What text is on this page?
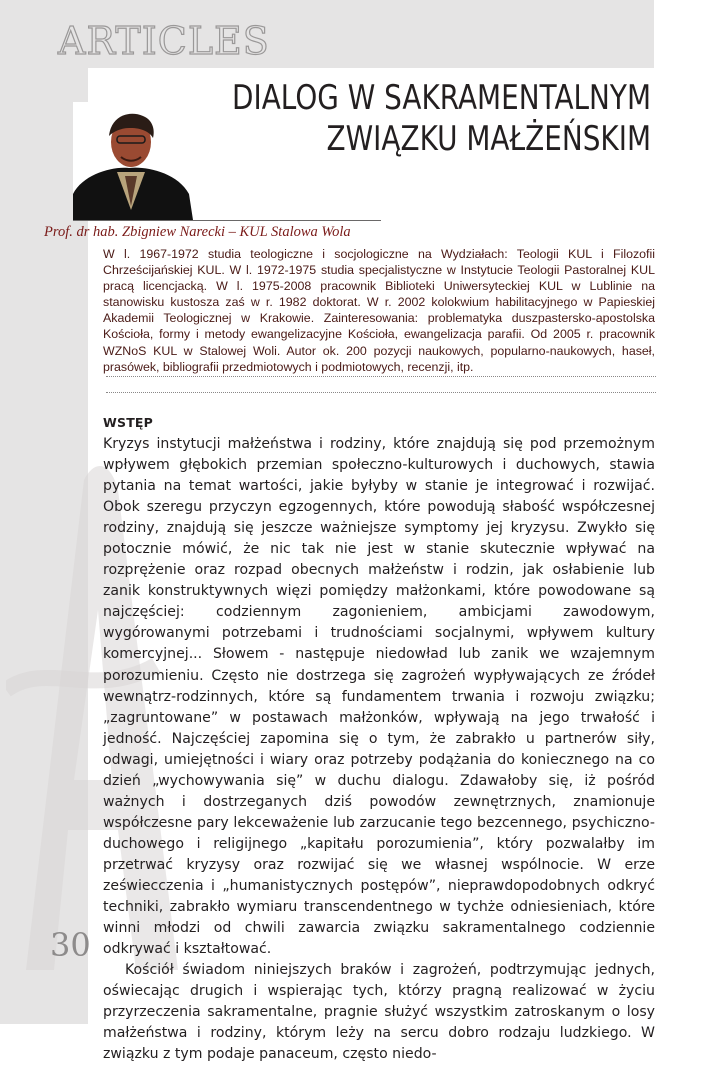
ARTICLES
DIALOG W SAKRAMENTALNYM
ZWIĄZKU MAŁŻEŃSKIM
Prof. dr hab. Zbigniew Narecki – KUL Stalowa Wola

W l. 1967-1972 studia teologiczne i socjologiczne na Wydziałach: Teologii KUL i Filozofii Chrześcijańskiej KUL. W l. 1972-1975 studia specjalistyczne w Instytucie Teologii Pastoralnej KUL pracą licencjacką. W l. 1975-2008 pracownik Biblioteki Uniwersyteckiej KUL w Lublinie na stanowisku kustosza zaś w r. 1982 doktorat. W r. 2002 kolokwium habilitacyjnego w Papieskiej Akademii Teologicznej w Krakowie. Zainteresowania: problematyka duszpastersko-apostolska Kościoła, formy i metody ewangelizacyjne Kościoła, ewangelizacja parafii. Od 2005 r. pracownik WZNoS KUL w Stalowej Woli. Autor ok. 200 pozycji naukowych, popularno-naukowych, haseł, prasówek, bibliografii przedmiotowych i podmiotowych, recenzji, itp.

WSTĘP

Kryzys instytucji małżeństwa i rodziny, które znajdują się pod przemożnym wpływem głębokich przemian społeczno-kulturowych i duchowych, stawia pytania na temat wartości, jakie byłyby w stanie je integrować i rozwijać. Obok szeregu przyczyn egzogennych, które powodują słabość współczesnej rodziny, znajdują się jeszcze ważniejsze symptomy jej kryzysu. Zwykło się potocznie mówić, że nic tak nie jest w stanie skutecznie wpływać na rozprężenie oraz rozpad obecnych małżeństw i rodzin, jak osłabienie lub zanik konstruktywnych więzi pomiędzy małżonkami, które powodowane są najczęściej: codziennym zagonieniem, ambicjami zawodowym, wygórowanymi potrzebami i trudnościami socjalnymi, wpływem kultury komercyjnej... Słowem - następuje niedowład lub zanik we wzajemnym porozumieniu. Często nie dostrzega się zagrożeń wypływających ze źródeł wewnątrz-rodzinnych, które są fundamentem trwania i rozwoju związku; „zagruntowane” w postawach małżonków, wpływają na jego trwałość i jedność. Najczęściej zapomina się o tym, że zabrakło u partnerów siły, odwagi, umiejętności i wiary oraz potrzeby podążania do koniecznego na co dzień „wychowywania się” w duchu dialogu. Zdawałoby się, iż pośród ważnych i dostrzeganych dziś powodów zewnętrznych, znamionuje współczesne pary lekceważenie lub zarzucanie tego bezcennego, psychiczno-duchowego i religijnego „kapitału porozumienia”, który pozwalałby im przetrwać kryzysy oraz rozwijać się we własnej wspólnocie. W erze zeświecczenia i „humanistycznych postępów”, nieprawdopodobnych odkryć techniki, zabrakło wymiaru transcendentnego w tychże odniesieniach, które winni młodzi od chwili zawarcia związku sakramentalnego codziennie odkrywać i kształtować.

Kościół świadom niniejszych braków i zagrożeń, podtrzymując jednych, oświecając drugich i wspierając tych, którzy pragną realizować w życiu przyrzeczenia sakramentalne, pragnie służyć wszystkim zatroskanym o losy małżeństwa i rodziny, którym leży na sercu dobro rodzaju ludzkiego. W związku z tym podaje panaceum, często niedo-

30
